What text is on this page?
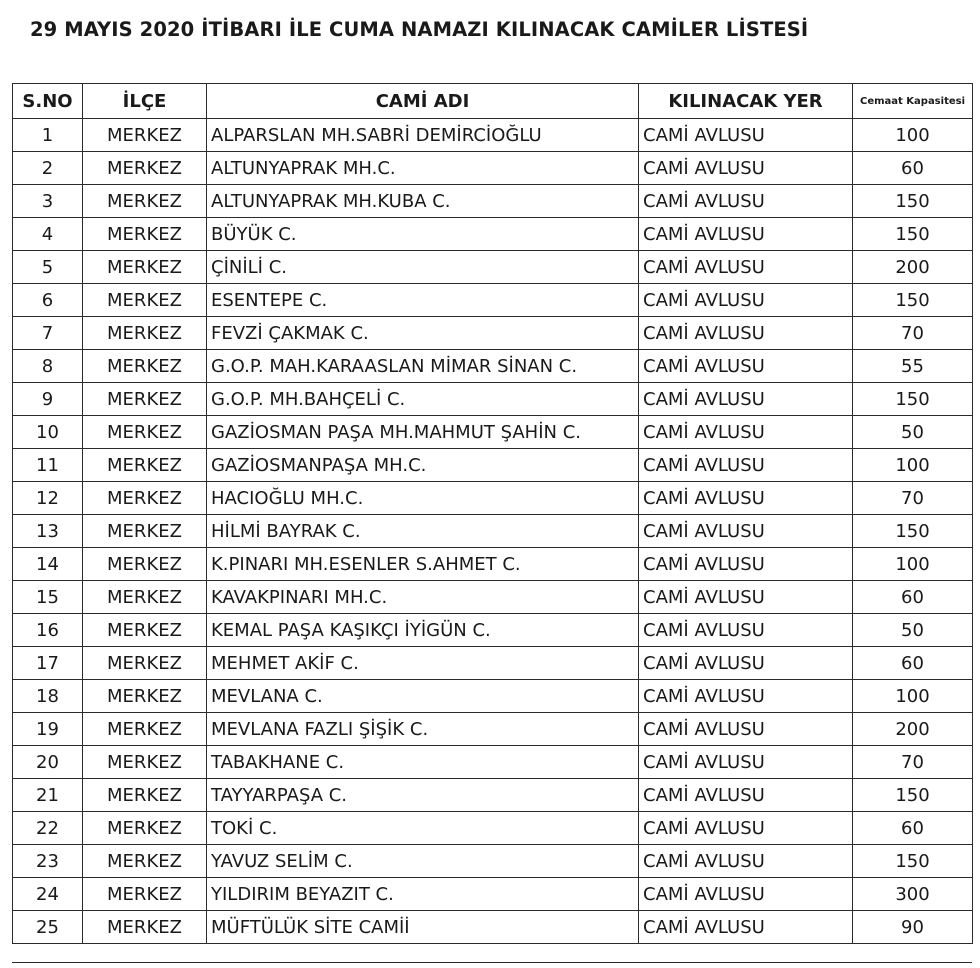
29 MAYIS 2020 İTİBARI İLE CUMA NAMAZI KILINACAK CAMİLER LİSTESİ
S.NO	İLÇE	CAMİ ADI	KILINACAK YER	Cemaat Kapasitesi
1	MERKEZ	ALPARSLAN MH.SABRİ DEMİRCİOĞLU	CAMİ AVLUSU	100
2	MERKEZ	ALTUNYAPRAK MH.C.	CAMİ AVLUSU	60
3	MERKEZ	ALTUNYAPRAK MH.KUBA C.	CAMİ AVLUSU	150
4	MERKEZ	BÜYÜK C.	CAMİ AVLUSU	150
5	MERKEZ	ÇİNİLİ C.	CAMİ AVLUSU	200
6	MERKEZ	ESENTEPE C.	CAMİ AVLUSU	150
7	MERKEZ	FEVZİ ÇAKMAK C.	CAMİ AVLUSU	70
8	MERKEZ	G.O.P. MAH.KARAASLAN MİMAR SİNAN C.	CAMİ AVLUSU	55
9	MERKEZ	G.O.P. MH.BAHÇELİ C.	CAMİ AVLUSU	150
10	MERKEZ	GAZİOSMAN PAŞA MH.MAHMUT ŞAHİN C.	CAMİ AVLUSU	50
11	MERKEZ	GAZİOSMANPAŞA MH.C.	CAMİ AVLUSU	100
12	MERKEZ	HACIOĞLU MH.C.	CAMİ AVLUSU	70
13	MERKEZ	HİLMİ BAYRAK C.	CAMİ AVLUSU	150
14	MERKEZ	K.PINARI MH.ESENLER S.AHMET C.	CAMİ AVLUSU	100
15	MERKEZ	KAVAKPINARI MH.C.	CAMİ AVLUSU	60
16	MERKEZ	KEMAL PAŞA KAŞIKÇI İYİGÜN C.	CAMİ AVLUSU	50
17	MERKEZ	MEHMET AKİF C.	CAMİ AVLUSU	60
18	MERKEZ	MEVLANA C.	CAMİ AVLUSU	100
19	MERKEZ	MEVLANA FAZLI ŞİŞİK C.	CAMİ AVLUSU	200
20	MERKEZ	TABAKHANE C.	CAMİ AVLUSU	70
21	MERKEZ	TAYYARPAŞA C.	CAMİ AVLUSU	150
22	MERKEZ	TOKİ C.	CAMİ AVLUSU	60
23	MERKEZ	YAVUZ SELİM C.	CAMİ AVLUSU	150
24	MERKEZ	YILDIRIM BEYAZIT C.	CAMİ AVLUSU	300
25	MERKEZ	MÜFTÜLÜK SİTE CAMİİ	CAMİ AVLUSU	90
